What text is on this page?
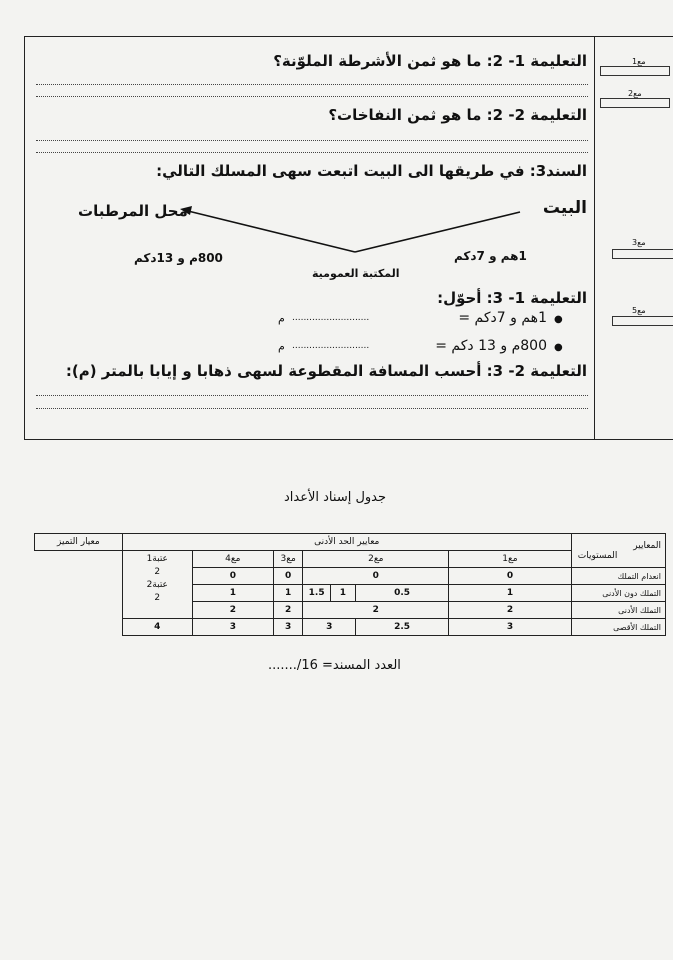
التعليمة 1- 2: ما هو ثمن الأشرطة الملوّنة؟
التعليمة 2- 2: ما هو ثمن النفاخات؟
السند3: في طريقها الى البيت اتبعت سهى المسلك التالي:
البيت
محل المرطبات
800م و 13دكم	1هم و 7دكم
المكتبة العمومية
التعليمة 1- 3: أحوّل:
●
1هم و 7دكم =
...........................
م
●
800م و 13 دكم =
...........................
م
التعليمة 2- 3: أحسب المسافة المقطوعة لسهى ذهابا و إيابا بالمتر (م):
مع1
مع2
مع3
مع5
جدول إسناد الأعداد
المعايير
المستويات	معايير الحد الأدنى							معيار التميز
	مع1	مع2			مع3	مع4	عتبة1
2
عتبة2
2	

انعدام التملك	0	0			0	0		
التملك دون الأدنى	1	0.5	1	1.5	1	1		
التملك الأدنى	2	2			2	2		
التملك الأقصى	3	2.5	3		3	3	4	
العدد المسند= 16/.......
